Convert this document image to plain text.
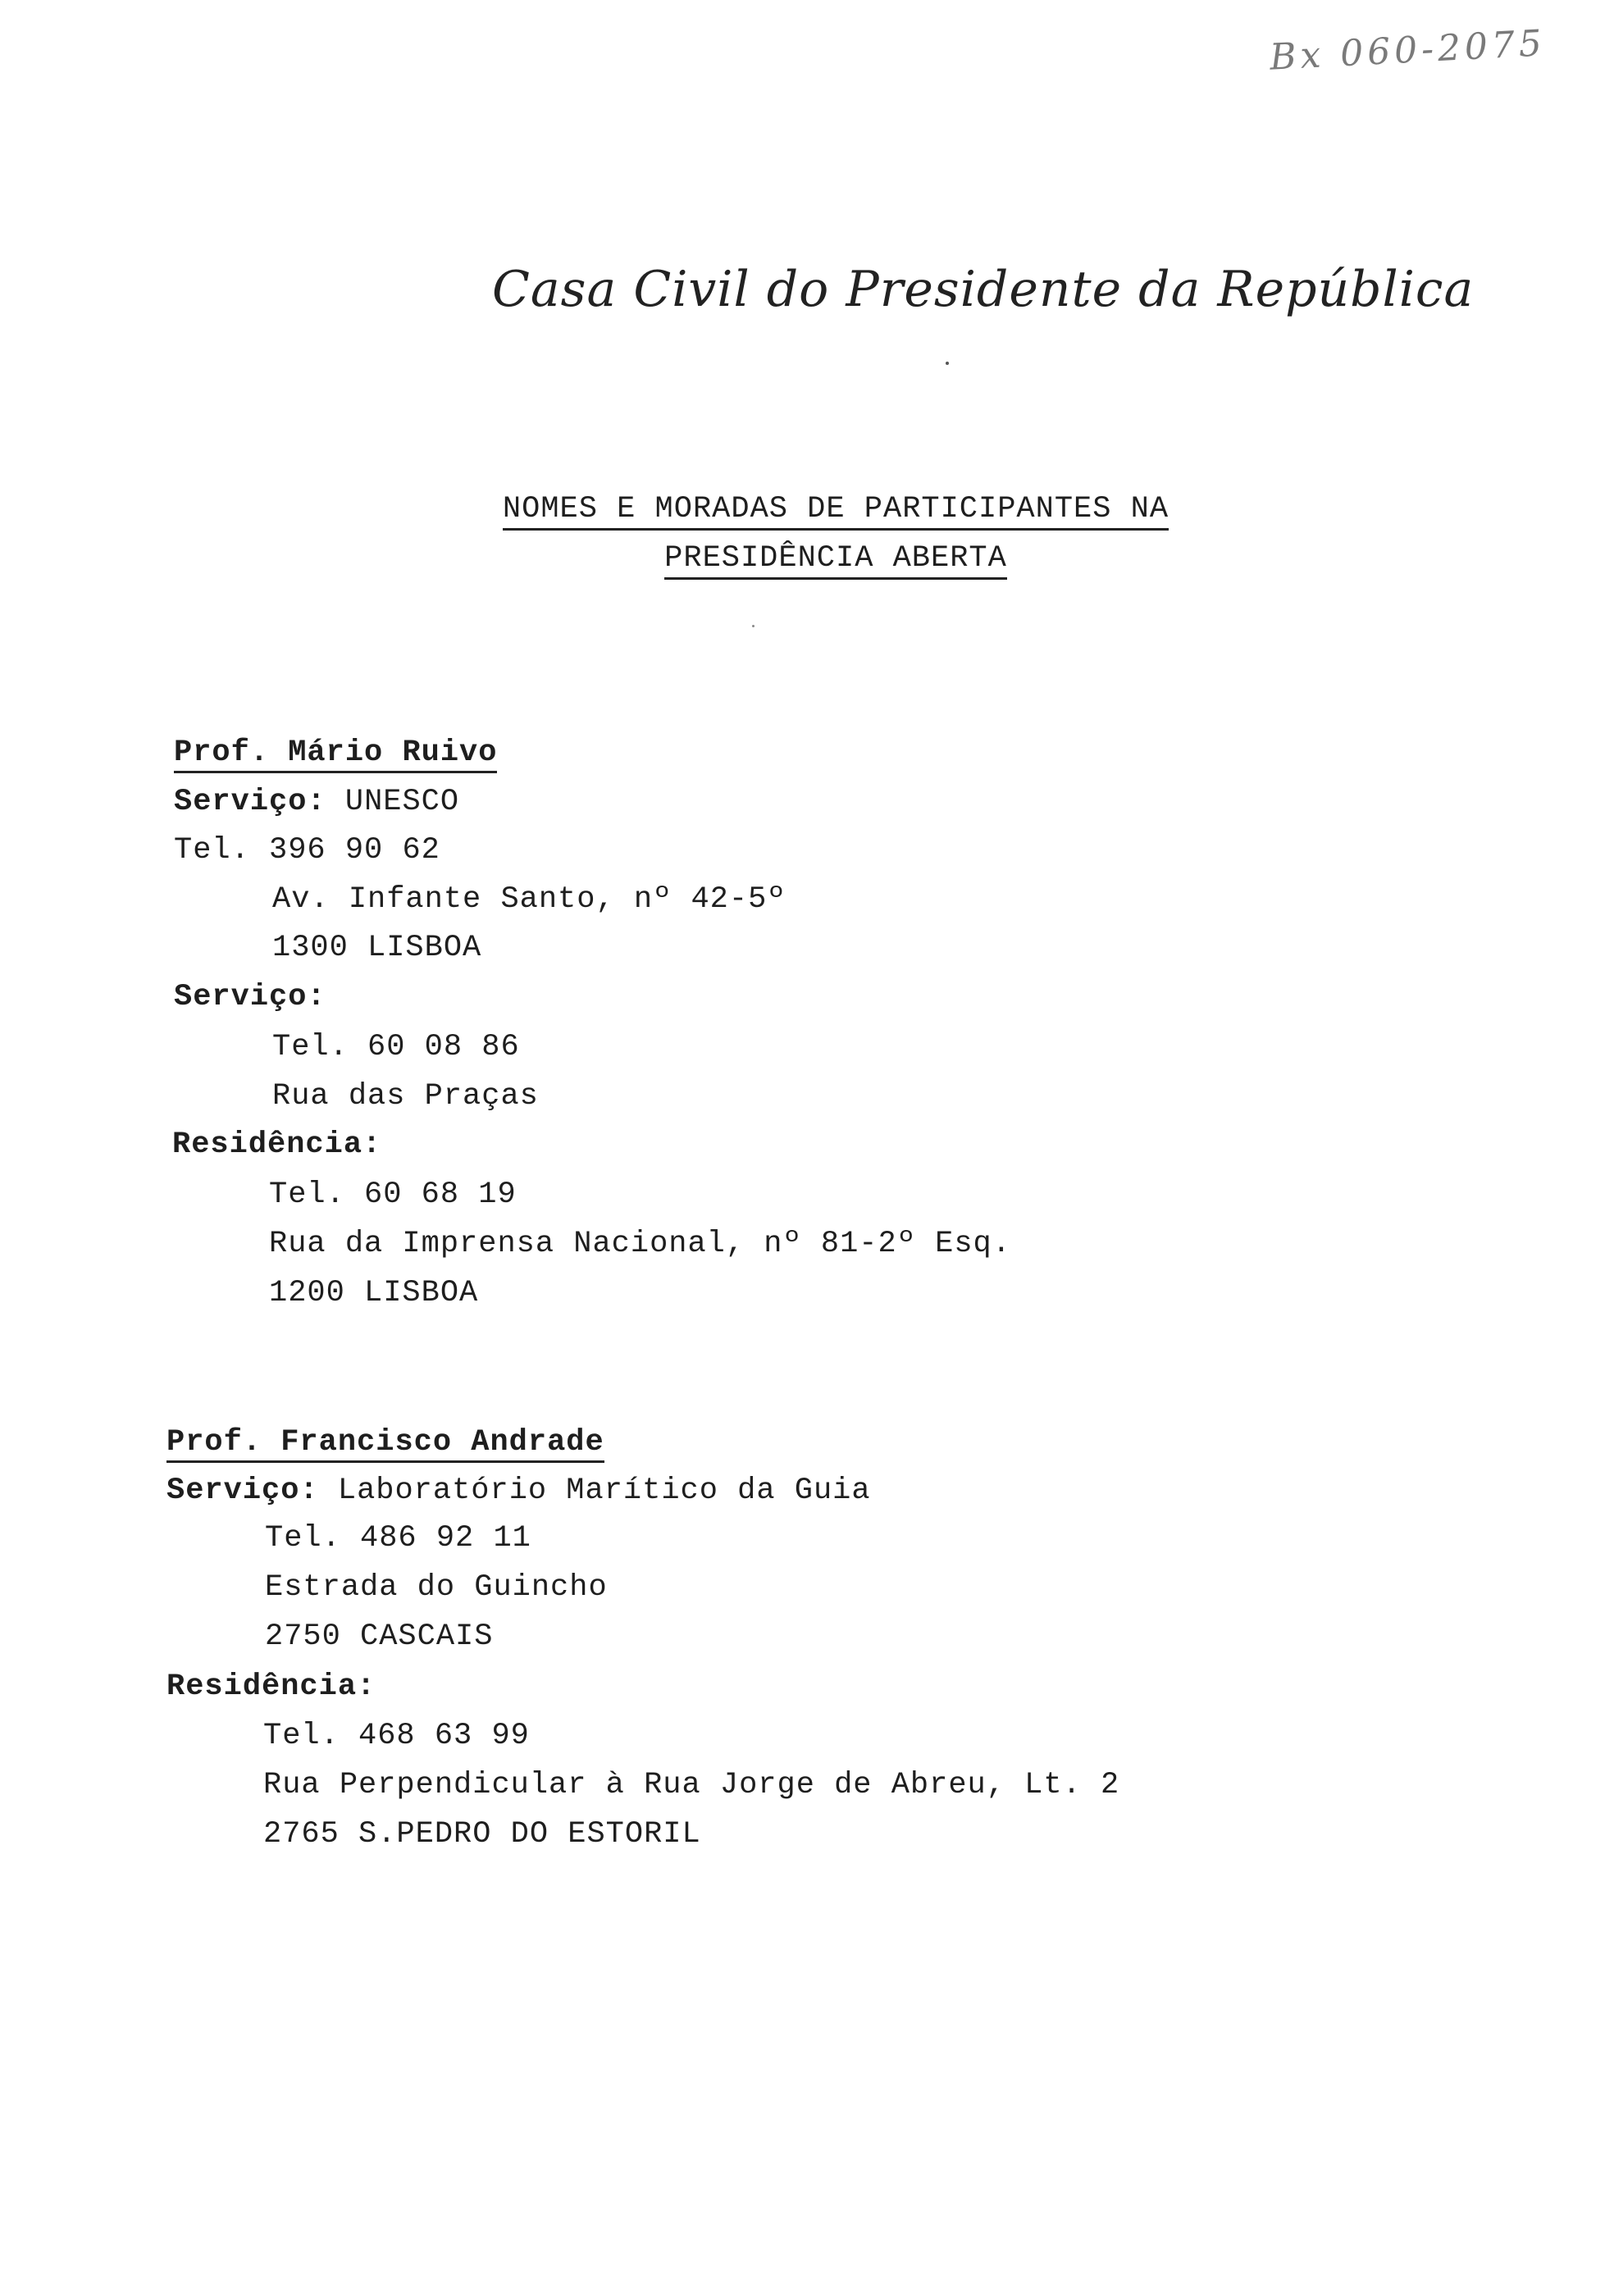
Bx 060-2075
Casa Civil do Presidente da República
NOMES E MORADAS DE PARTICIPANTES NA
PRESIDÊNCIA ABERTA
Prof. Mário Ruivo
Serviço: UNESCO
Tel. 396 90 62
Av. Infante Santo, nº 42-5º
1300 LISBOA
Serviço:
Tel. 60 08 86
Rua das Praças
Residência:
Tel. 60 68 19
Rua da Imprensa Nacional, nº 81-2º Esq.
1200 LISBOA
Prof. Francisco Andrade
Serviço: Laboratório Marítico da Guia
Tel. 486 92 11
Estrada do Guincho
2750 CASCAIS
Residência:
Tel. 468 63 99
Rua Perpendicular à Rua Jorge de Abreu, Lt. 2
2765 S.PEDRO DO ESTORIL
